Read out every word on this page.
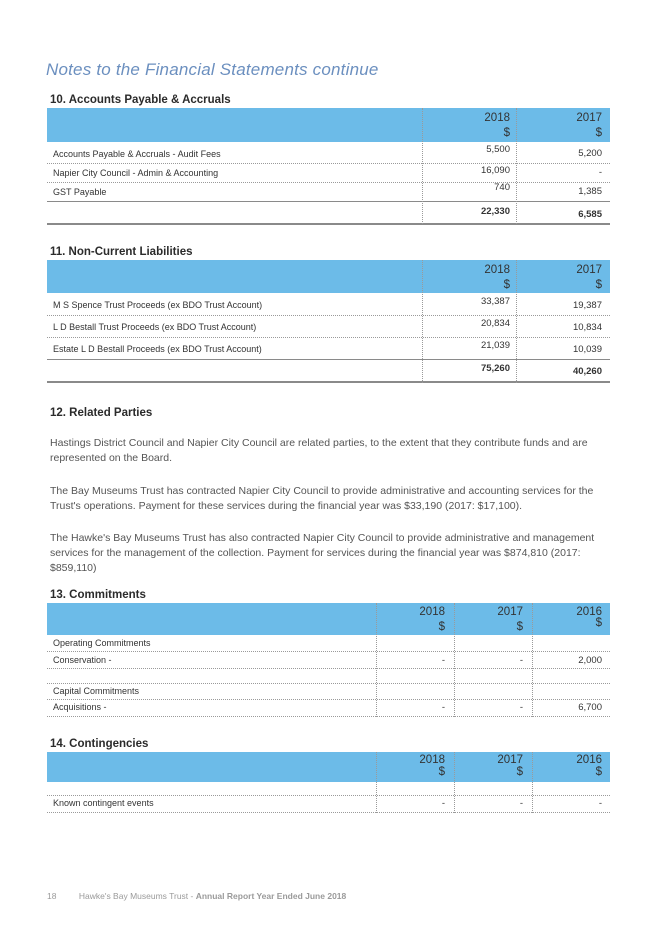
Notes to the Financial Statements continue
10. Accounts Payable & Accruals
2018	2017
$	$
Accounts Payable & Accruals - Audit Fees	5,500	5,200
Napier City Council - Admin & Accounting	16,090	-
GST Payable	740	1,385
22,330	6,585
11. Non-Current Liabilities
2018	2017
$	$
M S Spence Trust Proceeds (ex BDO Trust Account)	33,387	19,387
L D Bestall Trust Proceeds (ex BDO Trust Account)	20,834	10,834
Estate L D Bestall Proceeds (ex BDO Trust Account)	21,039	10,039
75,260	40,260
12. Related Parties
Hastings District Council and Napier City Council are related parties, to the extent that they contribute funds and are represented on the Board.
The Bay Museums Trust has contracted Napier City Council to provide administrative and accounting services for the Trust's operations. Payment for these services during the financial year was $33,190 (2017: $17,100).
The Hawke's Bay Museums Trust has also contracted Napier City Council to provide administrative and management services for the management of the collection. Payment for services during the financial year was $874,810 (2017: $859,110)
13. Commitments
2018	2017	2016
$	$	$
Operating Commitments
Conservation -	-	-	2,000
Capital Commitments
Acquisitions -	-	-	6,700
14. Contingencies
2018	2017	2016
$	$	$
Known contingent events	-	-	-
18	Hawke's Bay Museums Trust - Annual Report Year Ended June 2018
